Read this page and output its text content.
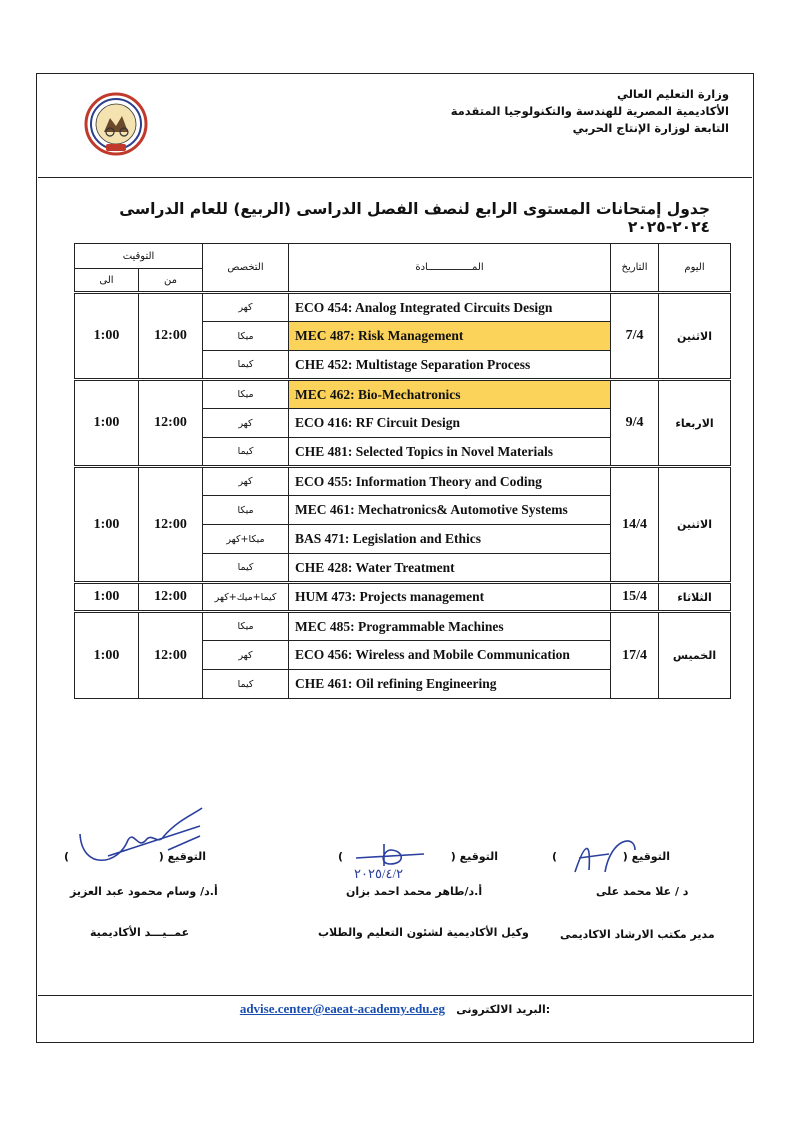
وزارة التعليم العالي
الأكاديمية المصرية للهندسة والتكنولوجيا المتقدمة
التابعة لوزارة الإنتاج الحربي
جدول إمتحانات المستوى الرابع لنصف الفصل الدراسى (الربيع) للعام الدراسى ٢٠٢٤-٢٠٢٥
التوقيت		التخصص	المـــــــــــــــادة	التاريخ	اليوم
الى	من				
1:00	12:00	كهر	ECO 454: Analog Integrated Circuits Design	7/4	الاثنين
		ميكا	MEC 487: Risk Management		
		كيما	CHE 452: Multistage Separation Process		
1:00	12:00	ميكا	MEC 462: Bio-Mechatronics	9/4	الاربعاء
		كهر	ECO 416: RF Circuit Design		
		كيما	CHE 481: Selected Topics in Novel Materials		
1:00	12:00	كهر	ECO 455: Information Theory and Coding	14/4	الاثنين
		ميكا	MEC 461: Mechatronics& Automotive Systems		
		ميكا+كهر	BAS 471: Legislation and Ethics		
		كيما	CHE 428: Water Treatment		
1:00	12:00	كيما+ميك+كهر	HUM 473: Projects management	15/4	الثلاثاء
1:00	12:00	ميكا	MEC 485: Programmable Machines	17/4	الخميس
		كهر	ECO 456: Wireless and Mobile Communication		
		كيما	CHE 461: Oil refining Engineering		
التوقيع (  )
د / علا محمد على
مدير مكتب الارشاد الاكاديمى
التوقيع (  )
٢٠٢٥/٤/٢
أ.د/طاهر محمد احمد بزان
وكيل الأكاديمية لشئون التعليم والطلاب
التوقيع (  )
أ.د/ وسام محمود عبد العزيز
عمــيـــد الأكاديمية
advise.center@eaeat-academy.edu.eg البريد الالكترونى:
